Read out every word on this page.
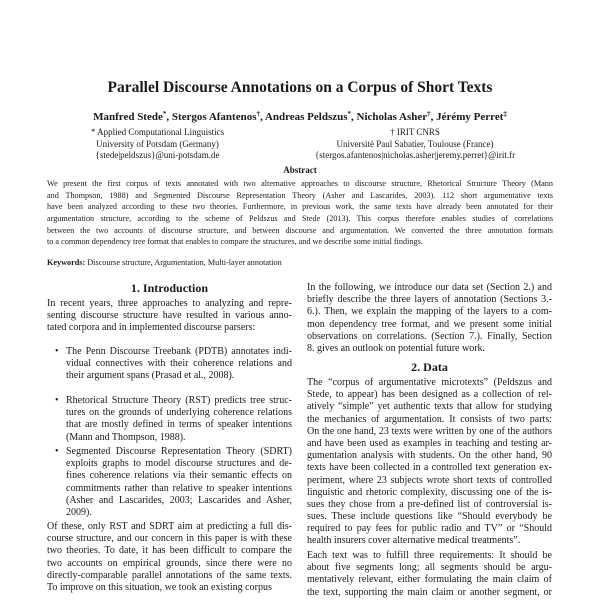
Parallel Discourse Annotations on a Corpus of Short Texts
Manfred Stede*, Stergos Afantenos†, Andreas Peldszus*, Nicholas Asher†, Jérémy Perret‡
* Applied Computational Linguistics
University of Potsdam (Germany)
{stede|peldszus}@uni-potsdam.de
† IRIT CNRS
Université Paul Sabatier, Toulouse (France)
{stergos.afantenos|nicholas.asher|jeremy.perret}@irit.fr
Abstract
We present the first corpus of texts annotated with two alternative approaches to discourse structure, Rhetorical Structure Theory (Mann
and Thompson, 1988) and Segmented Discourse Representation Theory (Asher and Lascarides, 2003). 112 short argumentative texts
have been analyzed according to these two theories. Furthermore, in previous work, the same texts have already been annotated for their
argumentation structure, according to the scheme of Peldszus and Stede (2013). This corpus therefore enables studies of correlations
between the two accounts of discourse structure, and between discourse and argumentation. We converted the three annotation formats
to a common dependency tree format that enables to compare the structures, and we describe some initial findings.
Keywords: Discourse structure, Argumentation, Multi-layer annotation
1. Introduction
In recent years, three approaches to analyzing and repre-
senting discourse structure have resulted in various anno-
tated corpora and in implemented discourse parsers:
• The Penn Discourse Treebank (PDTB) annotates indi-
vidual connectives with their coherence relations and
their argument spans (Prasad et al., 2008).
• Rhetorical Structure Theory (RST) predicts tree struc-
tures on the grounds of underlying coherence relations
that are mostly defined in terms of speaker intentions
(Mann and Thompson, 1988).
• Segmented Discourse Representation Theory (SDRT)
exploits graphs to model discourse structures and de-
fines coherence relations via their semantic effects on
commitments rather than relative to speaker intentions
(Asher and Lascarides, 2003; Lascarides and Asher,
2009).
Of these, only RST and SDRT aim at predicting a full dis-
course structure, and our concern in this paper is with these
two theories. To date, it has been difficult to compare the
two accounts on empirical grounds, since there were no
directly-comparable parallel annotations of the same texts.
To improve on this situation, we took an existing corpus
In the following, we introduce our data set (Section 2.) and
briefly describe the three layers of annotation (Sections 3.-
6.). Then, we explain the mapping of the layers to a com-
mon dependency tree format, and we present some initial
observations on correlations. (Section 7.). Finally, Section
8. gives an outlook on potential future work.
2. Data
The “corpus of argumentative microtexts” (Peldszus and
Stede, to appear) has been designed as a collection of rel-
atively “simple” yet authentic texts that allow for studying
the mechanics of argumentation. It consists of two parts:
On the one hand, 23 texts were written by one of the authors
and have been used as examples in teaching and testing ar-
gumentation analysis with students. On the other hand, 90
texts have been collected in a controlled text generation ex-
periment, where 23 subjects wrote short texts of controlled
linguistic and rhetoric complexity, discussing one of the is-
sues they chose from a pre-defined list of controversial is-
sues. These include questions like “Should everybody be
required to pay fees for public radio and TV” or “Should
health insurers cover alternative medical treatments”.
Each text was to fulfill three requirements: It should be
about five segments long; all segments should be argu-
mentatively relevant, either formulating the main claim of
the text, supporting the main claim or another segment, or
